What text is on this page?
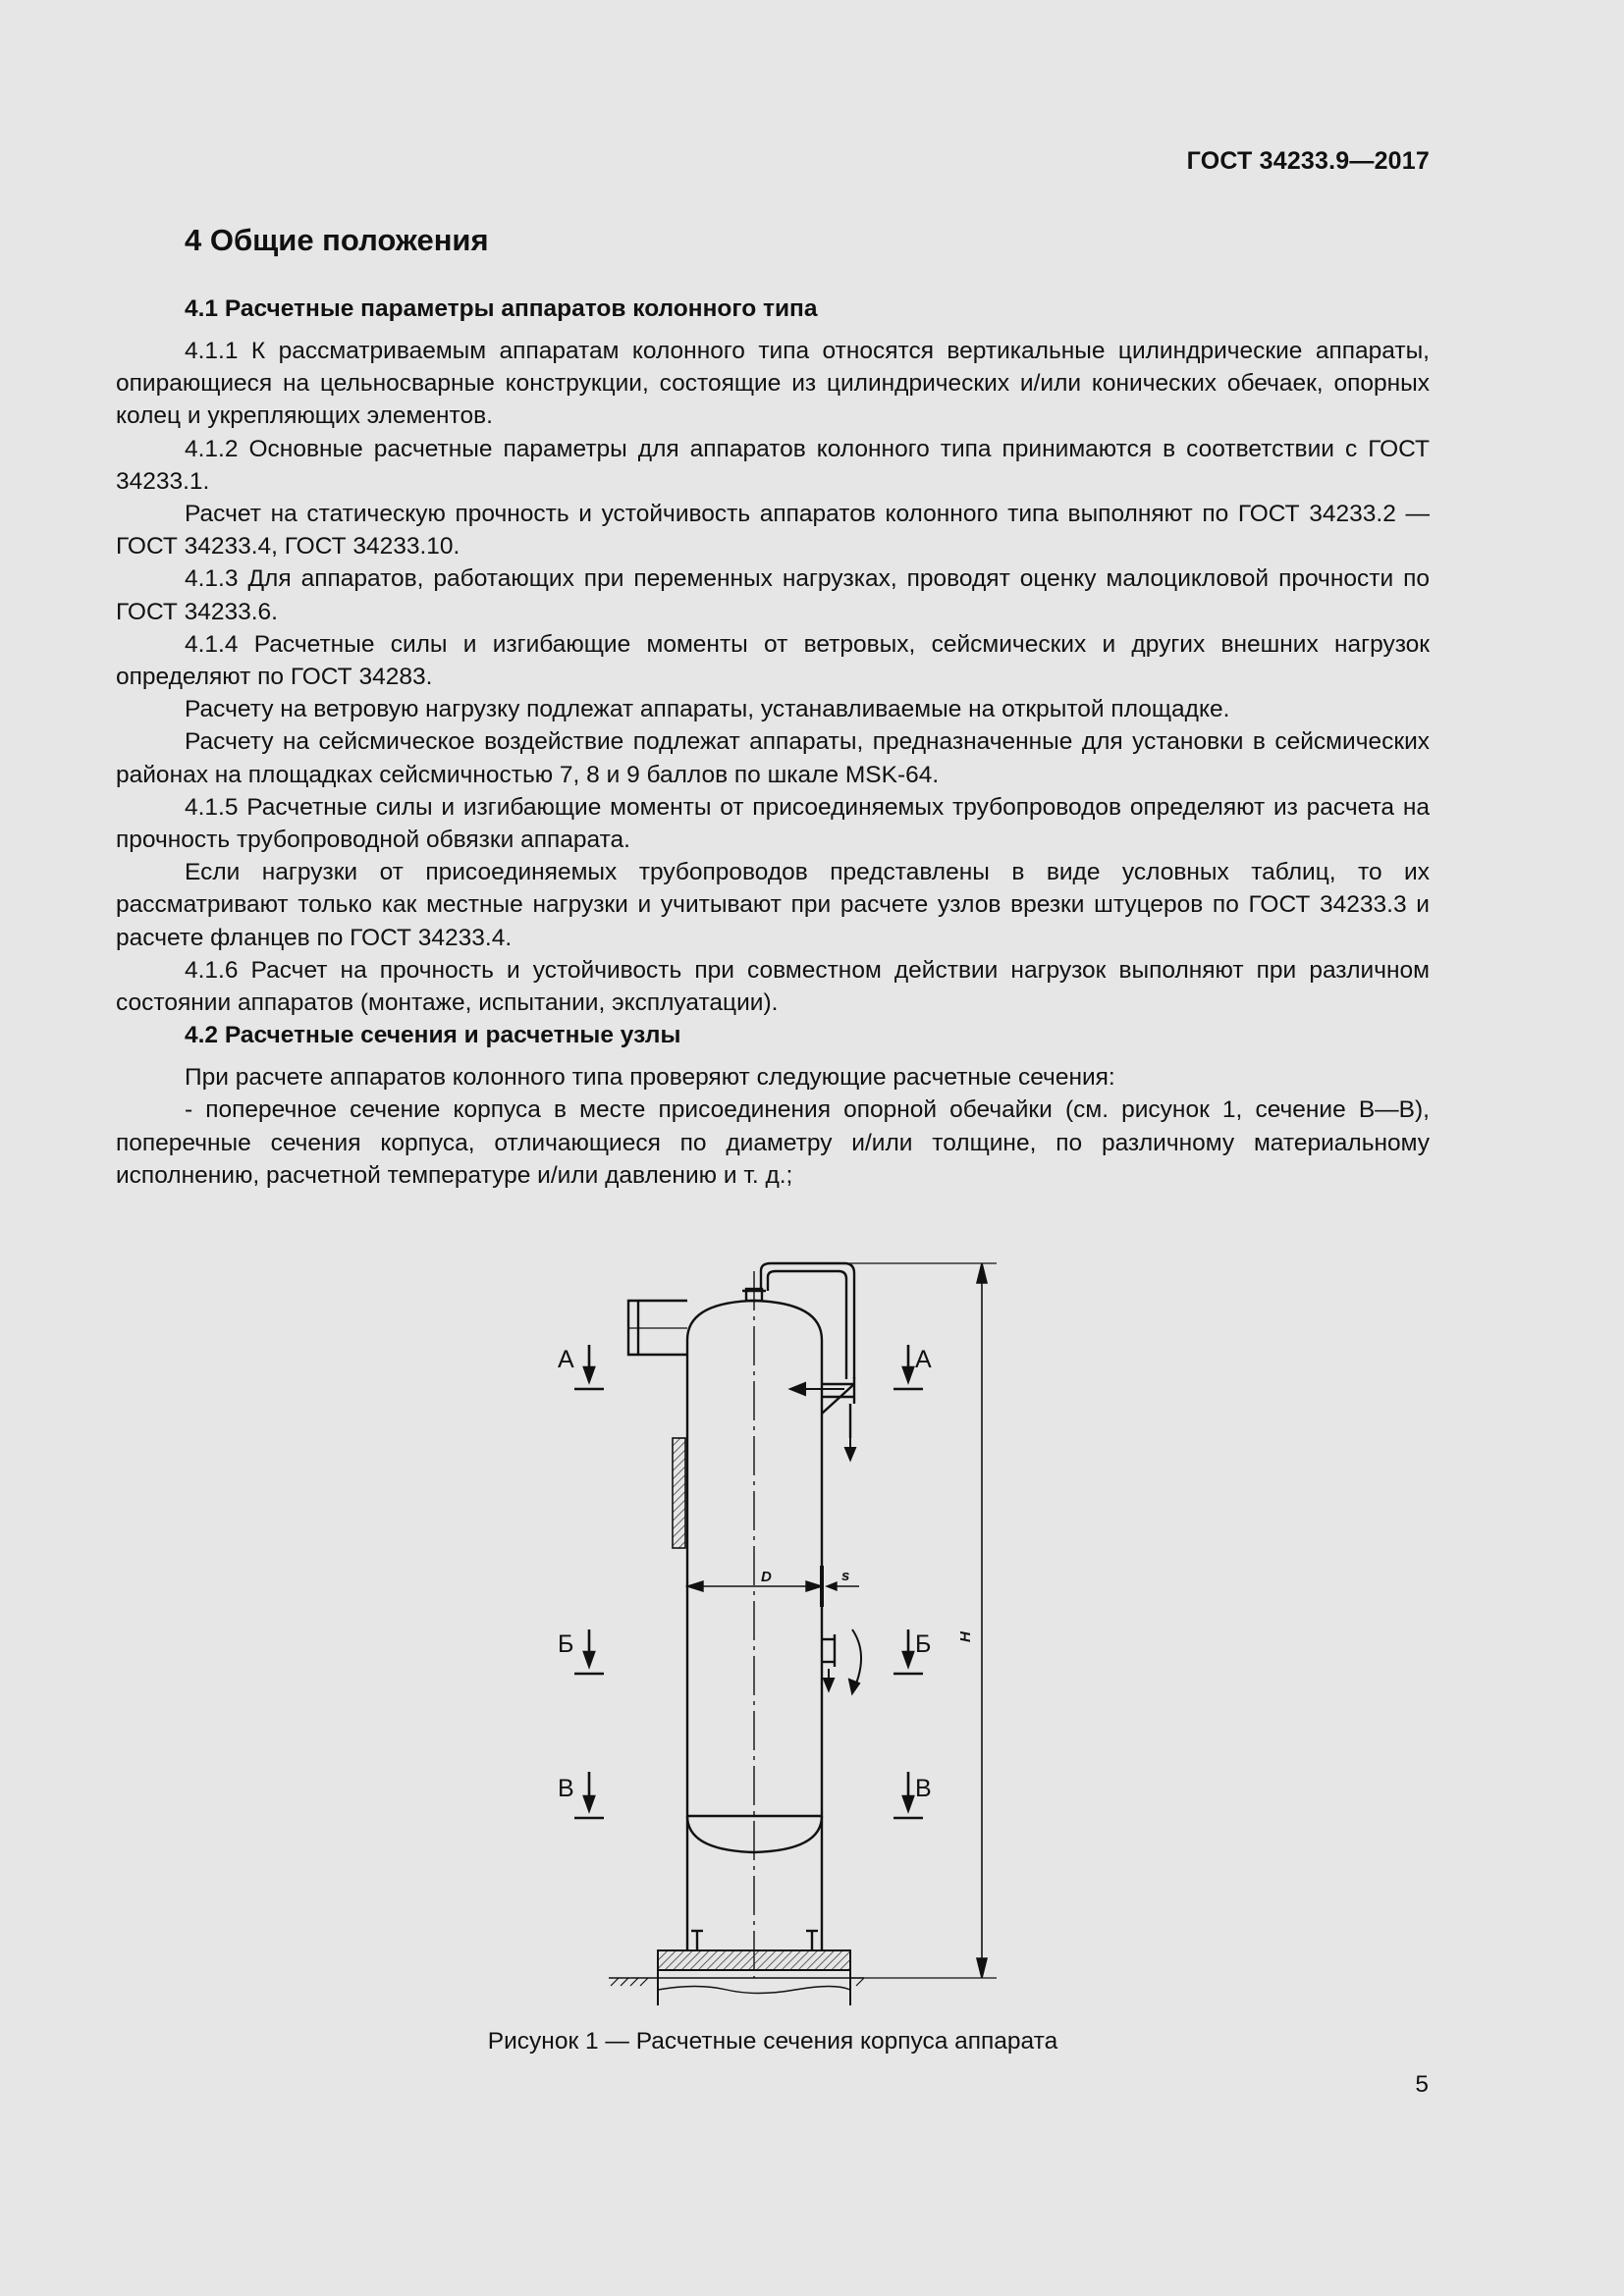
ГОСТ 34233.9—2017
4 Общие положения
4.1 Расчетные параметры аппаратов колонного типа

4.1.1 К рассматриваемым аппаратам колонного типа относятся вертикальные цилиндрические аппараты, опирающиеся на цельносварные конструкции, состоящие из цилиндрических и/или конических обечаек, опорных колец и укрепляющих элементов.

4.1.2 Основные расчетные параметры для аппаратов колонного типа принимаются в соответствии с ГОСТ 34233.1.

Расчет на статическую прочность и устойчивость аппаратов колонного типа выполняют по ГОСТ 34233.2 — ГОСТ 34233.4, ГОСТ 34233.10.

4.1.3 Для аппаратов, работающих при переменных нагрузках, проводят оценку малоцикловой прочности по ГОСТ 34233.6.

4.1.4 Расчетные силы и изгибающие моменты от ветровых, сейсмических и других внешних нагрузок определяют по ГОСТ 34283.

Расчету на ветровую нагрузку подлежат аппараты, устанавливаемые на открытой площадке.

Расчету на сейсмическое воздействие подлежат аппараты, предназначенные для установки в сейсмических районах на площадках сейсмичностью 7, 8 и 9 баллов по шкале MSK-64.

4.1.5 Расчетные силы и изгибающие моменты от присоединяемых трубопроводов определяют из расчета на прочность трубопроводной обвязки аппарата.

Если нагрузки от присоединяемых трубопроводов представлены в виде условных таблиц, то их рассматривают только как местные нагрузки и учитывают при расчете узлов врезки штуцеров по ГОСТ 34233.3 и расчете фланцев по ГОСТ 34233.4.

4.1.6 Расчет на прочность и устойчивость при совместном действии нагрузок выполняют при различном состоянии аппаратов (монтаже, испытании, эксплуатации).

4.2 Расчетные сечения и расчетные узлы

При расчете аппаратов колонного типа проверяют следующие расчетные сечения:

- поперечное сечение корпуса в месте присоединения опорной обечайки (см. рисунок 1, сечение В—В), поперечные сечения корпуса, отличающиеся по диаметру и/или толщине, по различному материальному исполнению, расчетной температуре и/или давлению и т. д.;

А	А
Б	Б
В	В
D	s
H
Рисунок 1 — Расчетные сечения корпуса аппарата
5
